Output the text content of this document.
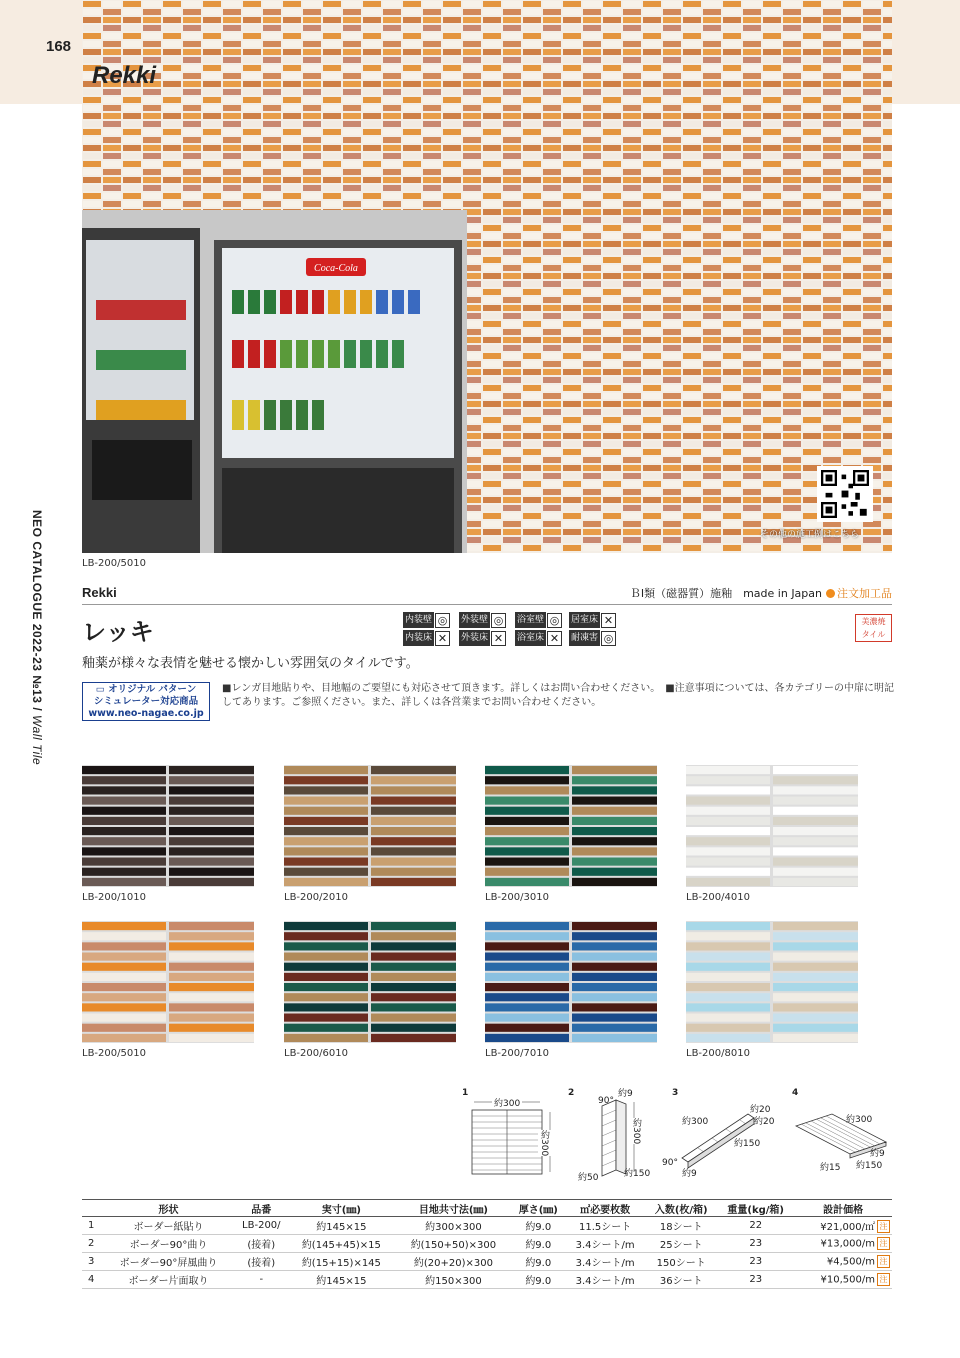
168
Coca-Cola
Rekki
その他の施工例はこちら
LB-200/5010
NEO CATALOGUE 2022-23 №13 / Wall Tile
Rekki	ＢⅠ類（磁器質）施釉　made in Japan 注文加工品
レッキ	内装壁 ◎	外装壁 ◎	浴室壁 ◎	居室床 ✕
内装床 ✕	外装床 ✕	浴室床 ✕	耐凍害 ◎
美濃焼
タイル
釉薬が様々な表情を魅せる懐かしい雰囲気のタイルです。
▭ オリジナル パターン
シミュレーター対応商品
www.neo-nagae.co.jp
■レンガ目地貼りや、目地幅のご要望にも対応させて頂きます。詳しくはお問い合わせください。　■注意事項については、各カテゴリーの中扉に明記してあります。ご参照ください。また、詳しくは各営業までお問い合わせください。
LB-200/1010	LB-200/2010	LB-200/3010	LB-200/4010
LB-200/5010	LB-200/6010	LB-200/7010	LB-200/8010
1
約300
約300
2	約9
90°
約300
約50	約150
3
約300
約20
約20
約150
90°
約9
4
約300
約9
約15 約150
	形状	品番	実寸(㎜)	目地共寸法(㎜)	厚さ(㎜)	㎡必要枚数	入数(枚/箱)	重量(kg/箱)	設計価格
1	ボーダー紙貼り	LB-200/	約145×15	約300×300	約9.0	11.5シート	18シート	22	¥21,000/㎡ 注
2	ボーダー90°曲り	(接着)	約(145+45)×15	約(150+50)×300	約9.0	3.4シート/m	25シート	23	¥13,000/m 注
3	ボーダー90°屏風曲り	(接着)	約(15+15)×145	約(20+20)×300	約9.0	3.4シート/m	150シート	23	¥4,500/m 注
4	ボーダー片面取り	-	約145×15	約150×300	約9.0	3.4シート/m	36シート	23	¥10,500/m 注
